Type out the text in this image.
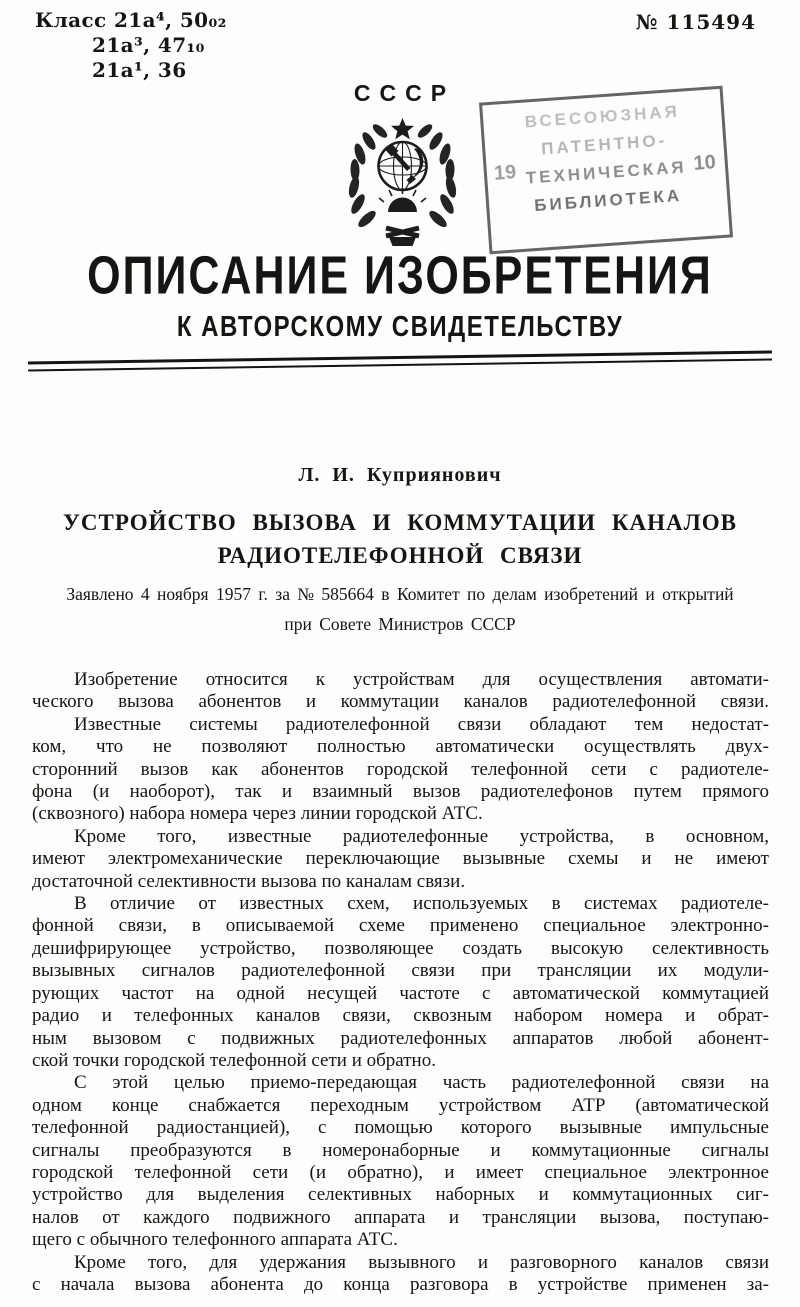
Класс 21a⁴, 50₀₂
21a³, 47₁₀
21a¹, 36
№ 115494
СССР
ВСЕСОЮЗНАЯ
ПАТЕНТНО-
ТЕХНИЧЕСКАЯ
БИБЛИОТЕКА
19	10
ОПИСАНИЕ ИЗОБРЕТЕНИЯ
К АВТОРСКОМУ СВИДЕТЕЛЬСТВУ
Л. И. Куприянович
УСТРОЙСТВО ВЫЗОВА И КОММУТАЦИИ КАНАЛОВ
РАДИОТЕЛЕФОННОЙ СВЯЗИ
Заявлено 4 ноября 1957 г. за № 585664 в Комитет по делам изобретений и открытий
при Совете Министров СССР
Изобретение относится к устройствам для осуществления автомати-
ческого вызова абонентов и коммутации каналов радиотелефонной связи.
Известные системы радиотелефонной связи обладают тем недостат-
ком, что не позволяют полностью автоматически осуществлять двух-
сторонний вызов как абонентов городской телефонной сети с радиотеле-
фона (и наоборот), так и взаимный вызов радиотелефонов путем прямого
(сквозного) набора номера через линии городской АТС.
Кроме того, известные радиотелефонные устройства, в основном,
имеют электромеханические переключающие вызывные схемы и не имеют
достаточной селективности вызова по каналам связи.
В отличие от известных схем, используемых в системах радиотеле-
фонной связи, в описываемой схеме применено специальное электронно-
дешифрирующее устройство, позволяющее создать высокую селективность
вызывных сигналов радиотелефонной связи при трансляции их модули-
рующих частот на одной несущей частоте с автоматической коммутацией
радио и телефонных каналов связи, сквозным набором номера и обрат-
ным вызовом с подвижных радиотелефонных аппаратов любой абонент-
ской точки городской телефонной сети и обратно.
С этой целью приемо-передающая часть радиотелефонной связи на
одном конце снабжается переходным устройством АТР (автоматической
телефонной радиостанцией), с помощью которого вызывные импульсные
сигналы преобразуются в номеронаборные и коммутационные сигналы
городской телефонной сети (и обратно), и имеет специальное электронное
устройство для выделения селективных наборных и коммутационных сиг-
налов от каждого подвижного аппарата и трансляции вызова, поступаю-
щего с обычного телефонного аппарата АТС.
Кроме того, для удержания вызывного и разговорного каналов связи
с начала вызова абонента до конца разговора в устройстве применен за-
